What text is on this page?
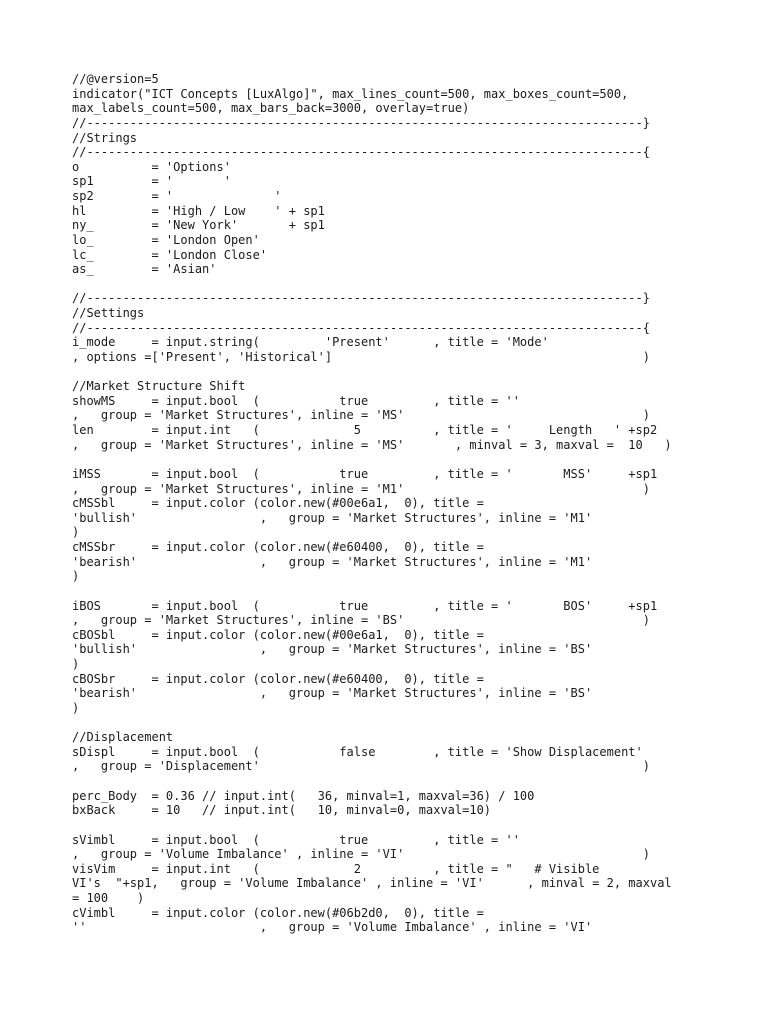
//@version=5
indicator("ICT Concepts [LuxAlgo]", max_lines_count=500, max_boxes_count=500,
max_labels_count=500, max_bars_back=3000, overlay=true)
//-----------------------------------------------------------------------------}
//Strings
//-----------------------------------------------------------------------------{
o          = 'Options'
sp1        = '       '
sp2        = '              '
hl         = 'High / Low    ' + sp1
ny_        = 'New York'       + sp1
lo_        = 'London Open'
lc_        = 'London Close'
as_        = 'Asian'
//-----------------------------------------------------------------------------}
//Settings
//-----------------------------------------------------------------------------{
i_mode     = input.string(         'Present'      , title = 'Mode'
, options =['Present', 'Historical']                                           )
//Market Structure Shift
showMS     = input.bool  (           true         , title = ''
,   group = 'Market Structures', inline = 'MS'                                 )
len        = input.int   (             5          , title = '     Length   ' +sp2
,   group = 'Market Structures', inline = 'MS'       , minval = 3, maxval =  10   )
iMSS       = input.bool  (           true         , title = '       MSS'     +sp1
,   group = 'Market Structures', inline = 'M1'                                 )
cMSSbl     = input.color (color.new(#00e6a1,  0), title =
'bullish'                 ,   group = 'Market Structures', inline = 'M1'
)
cMSSbr     = input.color (color.new(#e60400,  0), title =
'bearish'                 ,   group = 'Market Structures', inline = 'M1'
)
iBOS       = input.bool  (           true         , title = '       BOS'     +sp1
,   group = 'Market Structures', inline = 'BS'                                 )
cBOSbl     = input.color (color.new(#00e6a1,  0), title =
'bullish'                 ,   group = 'Market Structures', inline = 'BS'
)
cBOSbr     = input.color (color.new(#e60400,  0), title =
'bearish'                 ,   group = 'Market Structures', inline = 'BS'
)
//Displacement
sDispl     = input.bool  (           false        , title = 'Show Displacement'
,   group = 'Displacement'                                                     )
perc_Body  = 0.36 // input.int(   36, minval=1, maxval=36) / 100
bxBack     = 10   // input.int(   10, minval=0, maxval=10)
sVimbl     = input.bool  (           true         , title = ''
,   group = 'Volume Imbalance' , inline = 'VI'                                 )
visVim     = input.int   (             2          , title = "   # Visible
VI's  "+sp1,   group = 'Volume Imbalance' , inline = 'VI'      , minval = 2, maxval
= 100    )
cVimbl     = input.color (color.new(#06b2d0,  0), title =
''                        ,   group = 'Volume Imbalance' , inline = 'VI'
